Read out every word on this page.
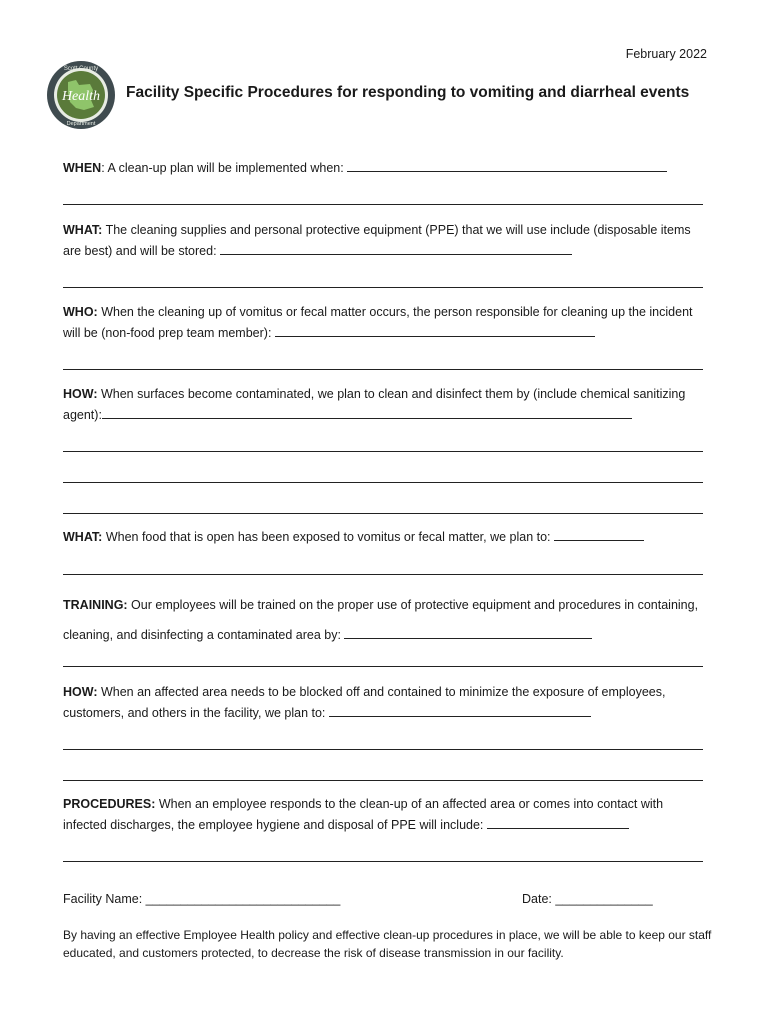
February 2022
Scott County
Health
Department
Facility Specific Procedures for responding to vomiting and diarrheal events
WHEN: A clean-up plan will be implemented when:
WHAT: The cleaning supplies and personal protective equipment (PPE) that we will use include (disposable items are best) and will be stored:
WHO: When the cleaning up of vomitus or fecal matter occurs, the person responsible for cleaning up the incident will be (non-food prep team member):
HOW: When surfaces become contaminated, we plan to clean and disinfect them by (include chemical sanitizing agent):
WHAT: When food that is open has been exposed to vomitus or fecal matter, we plan to:
TRAINING: Our employees will be trained on the proper use of protective equipment and procedures in containing, cleaning, and disinfecting a contaminated area by:
HOW: When an affected area needs to be blocked off and contained to minimize the exposure of employees, customers, and others in the facility, we plan to:
PROCEDURES: When an employee responds to the clean-up of an affected area or comes into contact with infected discharges, the employee hygiene and disposal of PPE will include:
Facility Name: ____________________________	Date: ______________
By having an effective Employee Health policy and effective clean-up procedures in place, we will be able to keep our staff educated, and customers protected, to decrease the risk of disease transmission in our facility.
